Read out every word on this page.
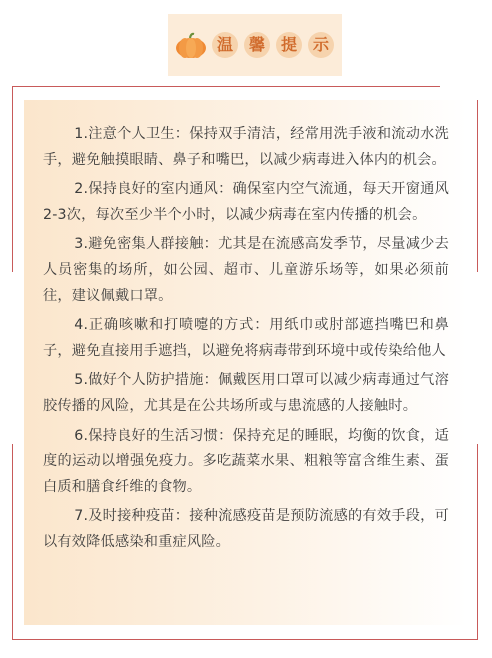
温 馨 提 示

1.注意个人卫生：保持双手清洁，经常用洗手液和流动水洗手，避免触摸眼睛、鼻子和嘴巴，以减少病毒进入体内的机会。

2.保持良好的室内通风：确保室内空气流通，每天开窗通风2-3次，每次至少半个小时，以减少病毒在室内传播的机会。

3.避免密集人群接触：尤其是在流感高发季节，尽量减少去人员密集的场所，如公园、超市、儿童游乐场等，如果必须前往，建议佩戴口罩。

4.正确咳嗽和打喷嚏的方式：用纸巾或肘部遮挡嘴巴和鼻子，避免直接用手遮挡，以避免将病毒带到环境中或传染给他人

5.做好个人防护措施：佩戴医用口罩可以减少病毒通过气溶胶传播的风险，尤其是在公共场所或与患流感的人接触时。

6.保持良好的生活习惯：保持充足的睡眠，均衡的饮食，适度的运动以增强免疫力。多吃蔬菜水果、粗粮等富含维生素、蛋白质和膳食纤维的食物。

7.及时接种疫苗：接种流感疫苗是预防流感的有效手段，可以有效降低感染和重症风险。
